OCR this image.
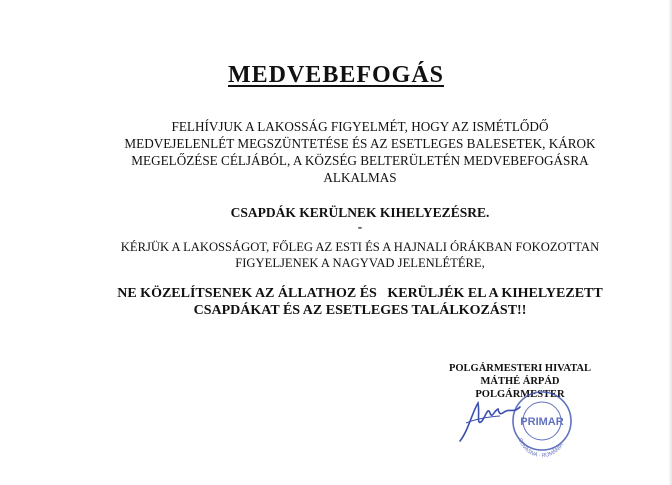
MEDVEBEFOGÁS
FELHÍVJUK A LAKOSSÁG FIGYELMÉT, HOGY AZ ISMÉTLŐDŐ
MEDVEJELENLÉT MEGSZÜNTETÉSE ÉS AZ ESETLEGES BALESETEK, KÁROK
MEGELŐZÉSE CÉLJÁBÓL, A KÖZSÉG BELTERÜLETÉN MEDVEBEFOGÁSRA
ALKALMAS
CSAPDÁK KERÜLNEK KIHELYEZÉSRE.
-
KÉRJÜK A LAKOSSÁGOT, FŐLEG AZ ESTI ÉS A HAJNALI ÓRÁKBAN FOKOZOTTAN
FIGYELJENEK A NAGYVAD JELENLÉTÉRE,
NE KÖZELÍTSENEK AZ ÁLLATHOZ ÉS   KERÜLJÉK EL A KIHELYEZETT
CSAPDÁKAT ÉS AZ ESETLEGES TALÁLKOZÁST!!
POLGÁRMESTERI HIVATAL
MÁTHÉ ÁRPÁD
POLGÁRMESTER
PRIMAR
COVASNA · ROMÂNIA
